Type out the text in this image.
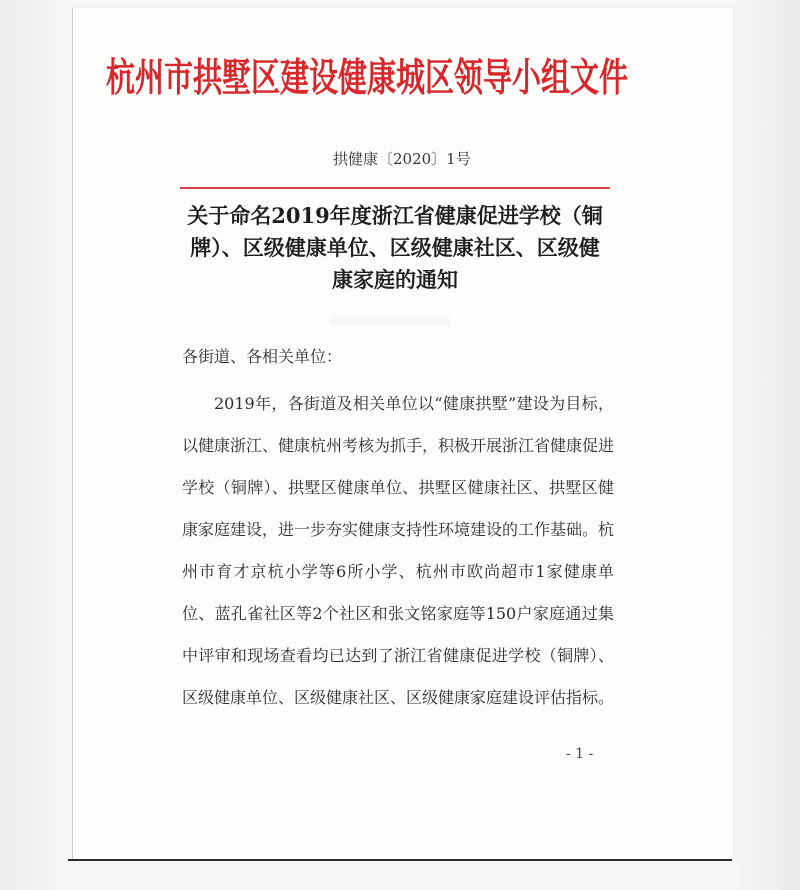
杭州市拱墅区建设健康城区领导小组文件
拱健康〔2020〕1号
关于命名2019年度浙江省健康促进学校（铜牌）、区级健康单位、区级健康社区、区级健康家庭的通知
各街道、各相关单位：

2019年，各街道及相关单位以“健康拱墅”建设为目标，以健康浙江、健康杭州考核为抓手，积极开展浙江省健康促进学校（铜牌）、拱墅区健康单位、拱墅区健康社区、拱墅区健康家庭建设，进一步夯实健康支持性环境建设的工作基础。杭州市育才京杭小学等6所小学、杭州市欧尚超市1家健康单位、蓝孔雀社区等2个社区和张文铭家庭等150户家庭通过集中评审和现场查看均已达到了浙江省健康促进学校（铜牌）、区级健康单位、区级健康社区、区级健康家庭建设评估指标。

- 1 -
